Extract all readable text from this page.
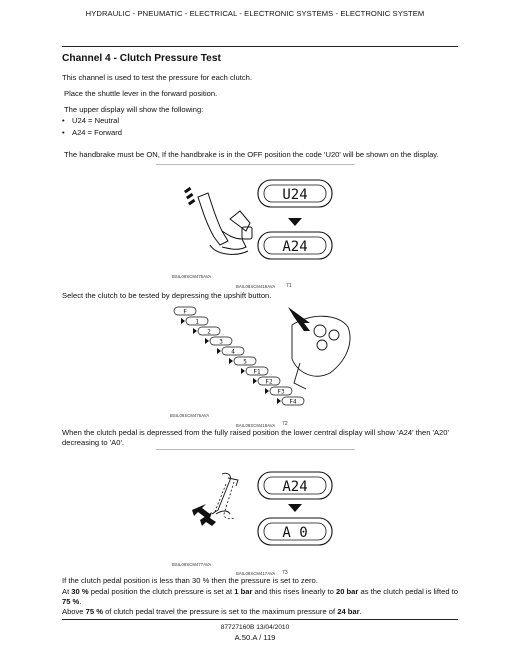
HYDRAULIC - PNEUMATIC - ELECTRICAL - ELECTRONIC SYSTEMS - ELECTRONIC SYSTEM
Channel 4 - Clutch Pressure Test

This channel is used to test the pressure for each clutch.

Place the shuttle lever in the forward position.

The upper display will show the following:

• U24 = Neutral
• A24 = Forward

The handbrake must be ON, If the handbrake is in the OFF position the code 'U20' will be shown on the display.

U24
A24
BSIL08SCM475AVA
BAIL08SCM419AVA 71

Select the clutch to be tested by depressing the upshift button.

F
1
2
3
4
5
F1
F2
F3
F4
BSIL08SCM476AVA
BAIL08SCM418AVA 72

When the clutch pedal is depressed from the fully raised position the lower central display will show 'A24' then 'A20' decreasing to 'A0'.

A24
A 0
BSIL08SCM477AVA
BAIL08SCM417AVA 73

If the clutch pedal position is less than 30 % then the pressure is set to zero.

At 30 % pedal position the clutch pressure is set at 1 bar and this rises linearly to 20 bar as the clutch pedal is lifted to 75 %.

Above 75 % of clutch pedal travel the pressure is set to the maximum pressure of 24 bar.

87727160B 13/04/2010
A.50.A / 119
